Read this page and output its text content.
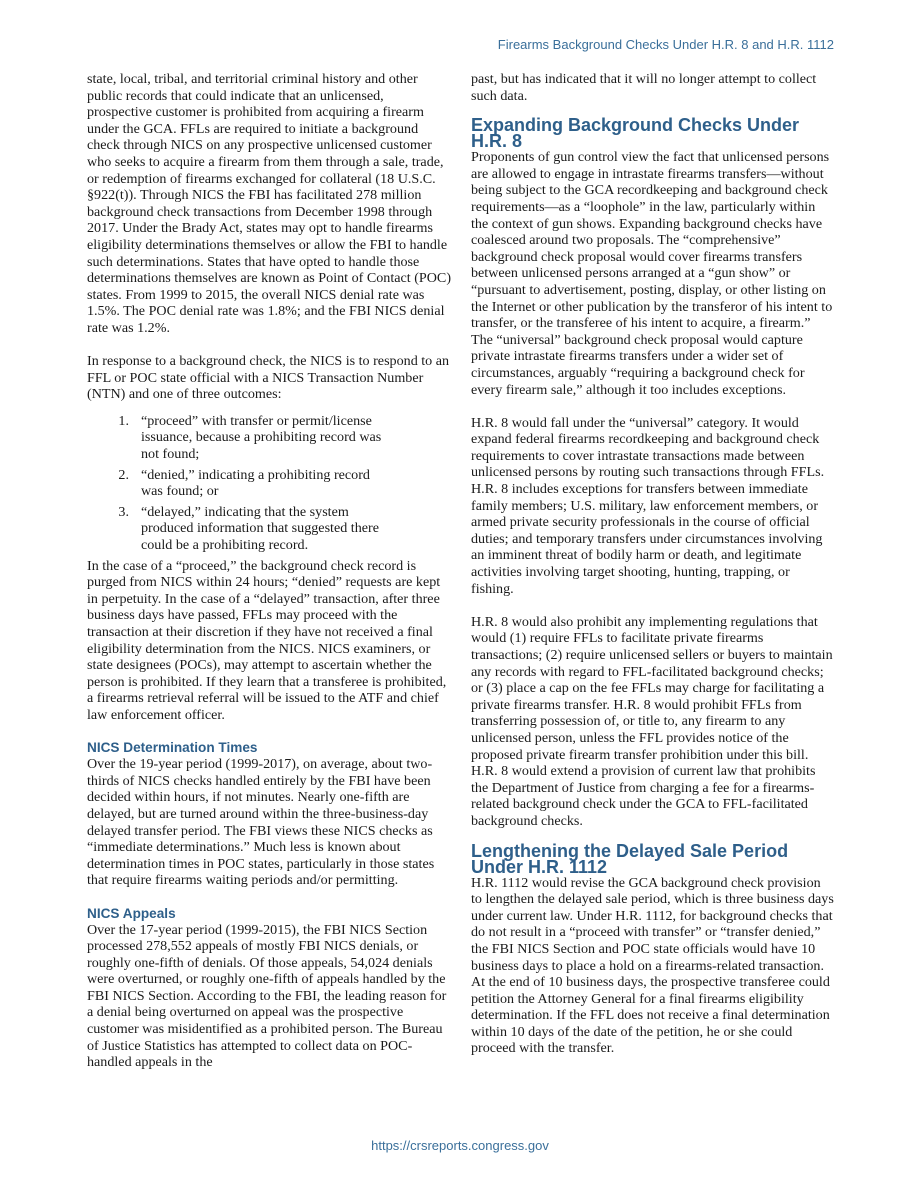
Firearms Background Checks Under H.R. 8 and H.R. 1112

state, local, tribal, and territorial criminal history and other public records that could indicate that an unlicensed, prospective customer is prohibited from acquiring a firearm under the GCA. FFLs are required to initiate a background check through NICS on any prospective unlicensed customer who seeks to acquire a firearm from them through a sale, trade, or redemption of firearms exchanged for collateral (18 U.S.C. §922(t)). Through NICS the FBI has facilitated 278 million background check transactions from December 1998 through 2017. Under the Brady Act, states may opt to handle firearms eligibility determinations themselves or allow the FBI to handle such determinations. States that have opted to handle those determinations themselves are known as Point of Contact (POC) states. From 1999 to 2015, the overall NICS denial rate was 1.5%. The POC denial rate was 1.8%; and the FBI NICS denial rate was 1.2%.

In response to a background check, the NICS is to respond to an FFL or POC state official with a NICS Transaction Number (NTN) and one of three outcomes:

1. “proceed” with transfer or permit/license issuance, because a prohibiting record was not found;
2. “denied,” indicating a prohibiting record was found; or
3. “delayed,” indicating that the system produced information that suggested there could be a prohibiting record.

In the case of a “proceed,” the background check record is purged from NICS within 24 hours; “denied” requests are kept in perpetuity. In the case of a “delayed” transaction, after three business days have passed, FFLs may proceed with the transaction at their discretion if they have not received a final eligibility determination from the NICS. NICS examiners, or state designees (POCs), may attempt to ascertain whether the person is prohibited. If they learn that a transferee is prohibited, a firearms retrieval referral will be issued to the ATF and chief law enforcement officer.

NICS Determination Times

Over the 19-year period (1999-2017), on average, about two-thirds of NICS checks handled entirely by the FBI have been decided within hours, if not minutes. Nearly one-fifth are delayed, but are turned around within the three-business-day delayed transfer period. The FBI views these NICS checks as “immediate determinations.” Much less is known about determination times in POC states, particularly in those states that require firearms waiting periods and/or permitting.

NICS Appeals

Over the 17-year period (1999-2015), the FBI NICS Section processed 278,552 appeals of mostly FBI NICS denials, or roughly one-fifth of denials. Of those appeals, 54,024 denials were overturned, or roughly one-fifth of appeals handled by the FBI NICS Section. According to the FBI, the leading reason for a denial being overturned on appeal was the prospective customer was misidentified as a prohibited person. The Bureau of Justice Statistics has attempted to collect data on POC-handled appeals in the

past, but has indicated that it will no longer attempt to collect such data.

Expanding Background Checks Under H.R. 8

Proponents of gun control view the fact that unlicensed persons are allowed to engage in intrastate firearms transfers—without being subject to the GCA recordkeeping and background check requirements—as a “loophole” in the law, particularly within the context of gun shows. Expanding background checks have coalesced around two proposals. The “comprehensive” background check proposal would cover firearms transfers between unlicensed persons arranged at a “gun show” or “pursuant to advertisement, posting, display, or other listing on the Internet or other publication by the transferor of his intent to transfer, or the transferee of his intent to acquire, a firearm.” The “universal” background check proposal would capture private intrastate firearms transfers under a wider set of circumstances, arguably “requiring a background check for every firearm sale,” although it too includes exceptions.

H.R. 8 would fall under the “universal” category. It would expand federal firearms recordkeeping and background check requirements to cover intrastate transactions made between unlicensed persons by routing such transactions through FFLs. H.R. 8 includes exceptions for transfers between immediate family members; U.S. military, law enforcement members, or armed private security professionals in the course of official duties; and temporary transfers under circumstances involving an imminent threat of bodily harm or death, and legitimate activities involving target shooting, hunting, trapping, or fishing.

H.R. 8 would also prohibit any implementing regulations that would (1) require FFLs to facilitate private firearms transactions; (2) require unlicensed sellers or buyers to maintain any records with regard to FFL-facilitated background checks; or (3) place a cap on the fee FFLs may charge for facilitating a private firearms transfer. H.R. 8 would prohibit FFLs from transferring possession of, or title to, any firearm to any unlicensed person, unless the FFL provides notice of the proposed private firearm transfer prohibition under this bill. H.R. 8 would extend a provision of current law that prohibits the Department of Justice from charging a fee for a firearms-related background check under the GCA to FFL-facilitated background checks.

Lengthening the Delayed Sale Period Under H.R. 1112

H.R. 1112 would revise the GCA background check provision to lengthen the delayed sale period, which is three business days under current law. Under H.R. 1112, for background checks that do not result in a “proceed with transfer” or “transfer denied,” the FBI NICS Section and POC state officials would have 10 business days to place a hold on a firearms-related transaction. At the end of 10 business days, the prospective transferee could petition the Attorney General for a final firearms eligibility determination. If the FFL does not receive a final determination within 10 days of the date of the petition, he or she could proceed with the transfer.

https://crsreports.congress.gov
